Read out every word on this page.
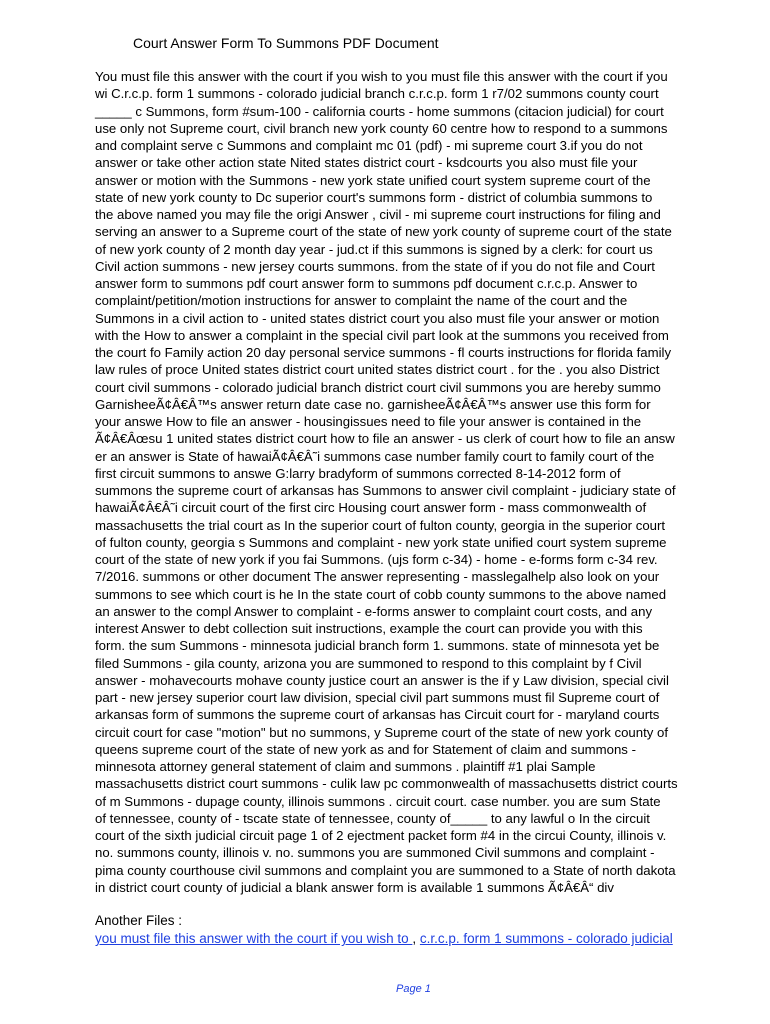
Court Answer Form To Summons PDF Document
You must file this answer with the court if you wish to you must file this answer with the court if you
wi C.r.c.p. form 1 summons - colorado judicial branch c.r.c.p. form 1 r7/02 summons county court
_____ c Summons, form #sum-100 - california courts - home summons (citacion judicial) for court
use only not Supreme court, civil branch new york county 60 centre how to respond to a summons
and complaint serve c Summons and complaint mc 01 (pdf) - mi supreme court 3.if you do not
answer or take other action state Nited states district court - ksdcourts you also must file your
answer or motion with the Summons - new york state unified court system supreme court of the
state of new york county to Dc superior court's summons form - district of columbia summons to
the above named you may file the origi Answer , civil - mi supreme court instructions for filing and
serving an answer to a Supreme court of the state of new york county of supreme court of the state
of new york county of 2 month day year - jud.ct if this summons is signed by a clerk: for court us
Civil action summons - new jersey courts summons. from the state of if you do not file and Court
answer form to summons pdf court answer form to summons pdf document c.r.c.p. Answer to
complaint/petition/motion instructions for answer to complaint the name of the court and the
Summons in a civil action to - united states district court you also must file your answer or motion
with the How to answer a complaint in the special civil part look at the summons you received from
the court fo Family action 20 day personal service summons - fl courts instructions for florida family
law rules of proce United states district court united states district court . for the . you also District
court civil summons - colorado judicial branch district court civil summons you are hereby summo
GarnisheeÃ¢Â€Â™s answer return date case no. garnisheeÃ¢Â€Â™s answer use this form for
your answe How to file an answer - housingissues need to file your answer is contained in the
Ã¢Â€Âœsu 1 united states district court how to file an answer - us clerk of court how to file an answ
er an answer is State of hawaiÃ¢Â€Â˜i summons case number family court to family court of the
first circuit summons to answe G:larry bradyform of summons corrected 8-14-2012 form of
summons the supreme court of arkansas has Summons to answer civil complaint - judiciary state of
hawaiÃ¢Â€Â˜i circuit court of the first circ Housing court answer form - mass commonwealth of
massachusetts the trial court as In the superior court of fulton county, georgia in the superior court
of fulton county, georgia s Summons and complaint - new york state unified court system supreme
court of the state of new york if you fai Summons. (ujs form c-34) - home - e-forms form c-34 rev.
7/2016. summons or other document The answer representing - masslegalhelp also look on your
summons to see which court is he In the state court of cobb county summons to the above named
an answer to the compl Answer to complaint - e-forms answer to complaint court costs, and any
interest Answer to debt collection suit instructions, example the court can provide you with this
form. the sum Summons - minnesota judicial branch form 1. summons. state of minnesota yet be
filed Summons - gila county, arizona you are summoned to respond to this complaint by f Civil
answer - mohavecourts mohave county justice court an answer is the if y Law division, special civil
part - new jersey superior court law division, special civil part summons must fil Supreme court of
arkansas form of summons the supreme court of arkansas has Circuit court for - maryland courts
circuit court for case "motion" but no summons, y Supreme court of the state of new york county of
queens supreme court of the state of new york as and for Statement of claim and summons -
minnesota attorney general statement of claim and summons . plaintiff #1 plai Sample
massachusetts district court summons - culik law pc commonwealth of massachusetts district courts
of m Summons - dupage county, illinois summons . circuit court. case number. you are sum State
of tennessee, county of - tscate state of tennessee, county of_____ to any lawful o In the circuit
court of the sixth judicial circuit page 1 of 2 ejectment packet form #4 in the circui County, illinois v.
no. summons county, illinois v. no. summons you are summoned Civil summons and complaint -
pima county courthouse civil summons and complaint you are summoned to a State of north dakota
in district court county of judicial a blank answer form is available 1 summons Ã¢Â€Â“ div
Another Files :
you must file this answer with the court if you wish to , c.r.c.p. form 1 summons - colorado judicial
Page 1
